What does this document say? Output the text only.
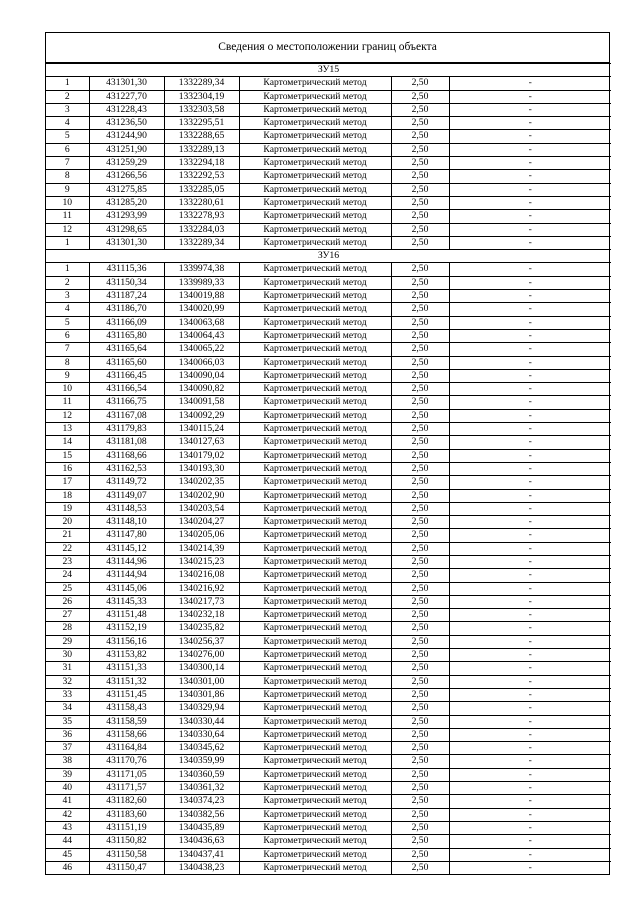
Сведения о местоположении границ объекта
ЗУ15					
1	431301,30	1332289,34	Картометрический метод	2,50	-
2	431227,70	1332304,19	Картометрический метод	2,50	-
3	431228,43	1332303,58	Картометрический метод	2,50	-
4	431236,50	1332295,51	Картометрический метод	2,50	-
5	431244,90	1332288,65	Картометрический метод	2,50	-
6	431251,90	1332289,13	Картометрический метод	2,50	-
7	431259,29	1332294,18	Картометрический метод	2,50	-
8	431266,56	1332292,53	Картометрический метод	2,50	-
9	431275,85	1332285,05	Картометрический метод	2,50	-
10	431285,20	1332280,61	Картометрический метод	2,50	-
11	431293,99	1332278,93	Картометрический метод	2,50	-
12	431298,65	1332284,03	Картометрический метод	2,50	-
1	431301,30	1332289,34	Картометрический метод	2,50	-
ЗУ16					
1	431115,36	1339974,38	Картометрический метод	2,50	-
2	431150,34	1339989,33	Картометрический метод	2,50	-
3	431187,24	1340019,88	Картометрический метод	2,50	-
4	431186,70	1340020,99	Картометрический метод	2,50	-
5	431166,09	1340063,68	Картометрический метод	2,50	-
6	431165,80	1340064,43	Картометрический метод	2,50	-
7	431165,64	1340065,22	Картометрический метод	2,50	-
8	431165,60	1340066,03	Картометрический метод	2,50	-
9	431166,45	1340090,04	Картометрический метод	2,50	-
10	431166,54	1340090,82	Картометрический метод	2,50	-
11	431166,75	1340091,58	Картометрический метод	2,50	-
12	431167,08	1340092,29	Картометрический метод	2,50	-
13	431179,83	1340115,24	Картометрический метод	2,50	-
14	431181,08	1340127,63	Картометрический метод	2,50	-
15	431168,66	1340179,02	Картометрический метод	2,50	-
16	431162,53	1340193,30	Картометрический метод	2,50	-
17	431149,72	1340202,35	Картометрический метод	2,50	-
18	431149,07	1340202,90	Картометрический метод	2,50	-
19	431148,53	1340203,54	Картометрический метод	2,50	-
20	431148,10	1340204,27	Картометрический метод	2,50	-
21	431147,80	1340205,06	Картометрический метод	2,50	-
22	431145,12	1340214,39	Картометрический метод	2,50	-
23	431144,96	1340215,23	Картометрический метод	2,50	-
24	431144,94	1340216,08	Картометрический метод	2,50	-
25	431145,06	1340216,92	Картометрический метод	2,50	-
26	431145,33	1340217,73	Картометрический метод	2,50	-
27	431151,48	1340232,18	Картометрический метод	2,50	-
28	431152,19	1340235,82	Картометрический метод	2,50	-
29	431156,16	1340256,37	Картометрический метод	2,50	-
30	431153,82	1340276,00	Картометрический метод	2,50	-
31	431151,33	1340300,14	Картометрический метод	2,50	-
32	431151,32	1340301,00	Картометрический метод	2,50	-
33	431151,45	1340301,86	Картометрический метод	2,50	-
34	431158,43	1340329,94	Картометрический метод	2,50	-
35	431158,59	1340330,44	Картометрический метод	2,50	-
36	431158,66	1340330,64	Картометрический метод	2,50	-
37	431164,84	1340345,62	Картометрический метод	2,50	-
38	431170,76	1340359,99	Картометрический метод	2,50	-
39	431171,05	1340360,59	Картометрический метод	2,50	-
40	431171,57	1340361,32	Картометрический метод	2,50	-
41	431182,60	1340374,23	Картометрический метод	2,50	-
42	431183,60	1340382,56	Картометрический метод	2,50	-
43	431151,19	1340435,89	Картометрический метод	2,50	-
44	431150,82	1340436,63	Картометрический метод	2,50	-
45	431150,58	1340437,41	Картометрический метод	2,50	-
46	431150,47	1340438,23	Картометрический метод	2,50	-
